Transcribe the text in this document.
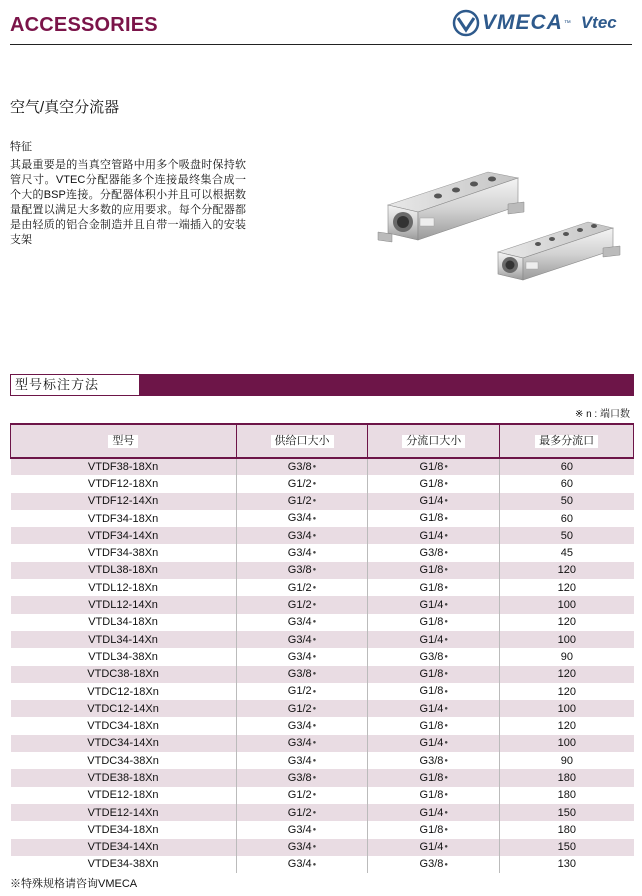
ACCESSORIES	VMECA ™ Vtec
空气/真空分流器
特征
其最重要是的当真空管路中用多个吸盘时保持软管尺寸。VTEC分配器能多个连接最终集合成一个大的BSP连接。分配器体积小并且可以根据数量配置以满足大多数的应用要求。每个分配器都是由轻质的铝合金制造并且自带一端插入的安装支架
型号标注方法
※ n : 端口数
型号	供给口大小	分流口大小	最多分流口
VTDF38-18Xn	G3/8●	G1/8●	60
VTDF12-18Xn	G1/2●	G1/8●	60
VTDF12-14Xn	G1/2●	G1/4●	50
VTDF34-18Xn	G3/4●	G1/8●	60
VTDF34-14Xn	G3/4●	G1/4●	50
VTDF34-38Xn	G3/4●	G3/8●	45
VTDL38-18Xn	G3/8●	G1/8●	120
VTDL12-18Xn	G1/2●	G1/8●	120
VTDL12-14Xn	G1/2●	G1/4●	100
VTDL34-18Xn	G3/4●	G1/8●	120
VTDL34-14Xn	G3/4●	G1/4●	100
VTDL34-38Xn	G3/4●	G3/8●	90
VTDC38-18Xn	G3/8●	G1/8●	120
VTDC12-18Xn	G1/2●	G1/8●	120
VTDC12-14Xn	G1/2●	G1/4●	100
VTDC34-18Xn	G3/4●	G1/8●	120
VTDC34-14Xn	G3/4●	G1/4●	100
VTDC34-38Xn	G3/4●	G3/8●	90
VTDE38-18Xn	G3/8●	G1/8●	180
VTDE12-18Xn	G1/2●	G1/8●	180
VTDE12-14Xn	G1/2●	G1/4●	150
VTDE34-18Xn	G3/4●	G1/8●	180
VTDE34-14Xn	G3/4●	G1/4●	150
VTDE34-38Xn	G3/4●	G3/8●	130
※特殊规格请咨询VMECA
